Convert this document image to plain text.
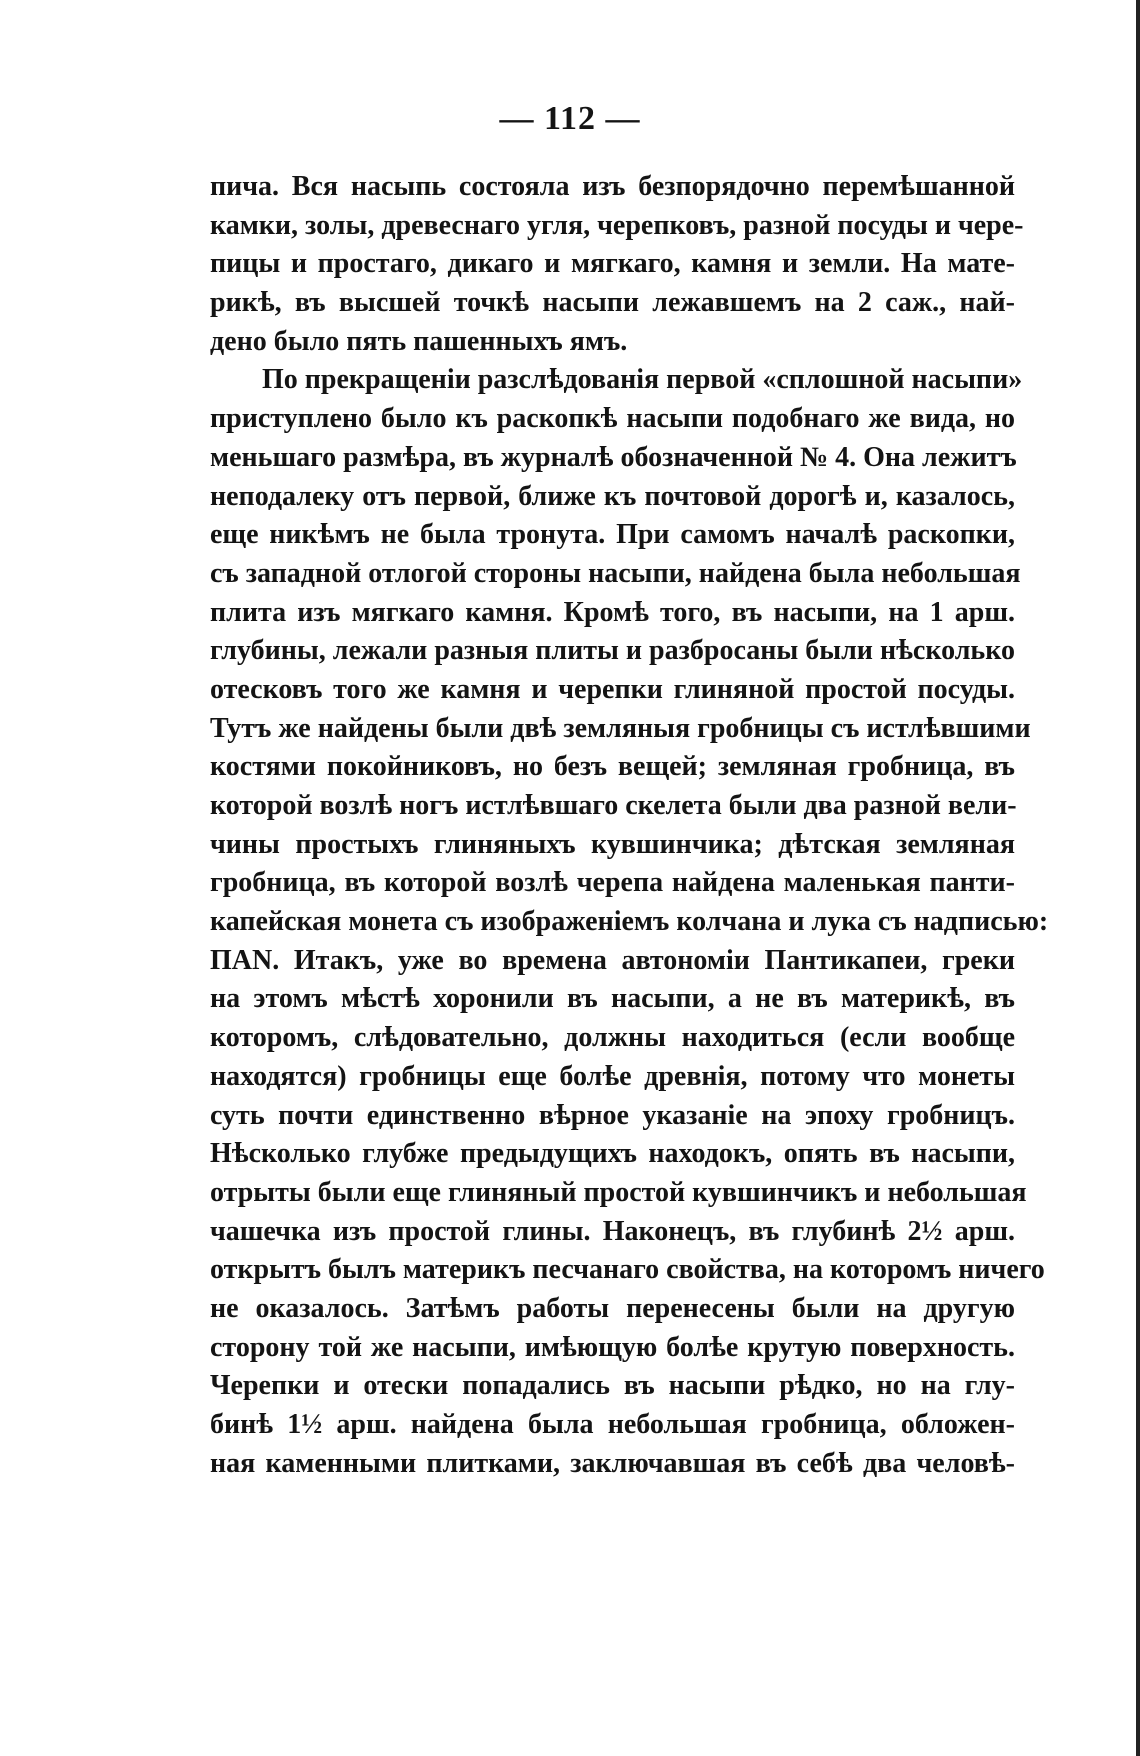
— 112 —
пича. Вся насыпь состояла изъ безпорядочно перемѣшанной
камки, золы, древеснаго угля, черепковъ, разной посуды и чере-
пицы и простаго, дикаго и мягкаго, камня и земли. На мате-
рикѣ, въ высшей точкѣ насыпи лежавшемъ на 2 саж., най-
дено было пять пашенныхъ ямъ.
По прекращеніи разслѣдованія первой «сплошной насыпи»
приступлено было къ раскопкѣ насыпи подобнаго же вида, но
меньшаго размѣра, въ журналѣ обозначенной № 4. Она лежитъ
неподалеку отъ первой, ближе къ почтовой дорогѣ и, казалось,
еще никѣмъ не была тронута. При самомъ началѣ раскопки,
съ западной отлогой стороны насыпи, найдена была небольшая
плита изъ мягкаго камня. Кромѣ того, въ насыпи, на 1 арш.
глубины, лежали разныя плиты и разбросаны были нѣсколько
отесковъ того же камня и черепки глиняной простой посуды.
Тутъ же найдены были двѣ земляныя гробницы съ истлѣвшими
костями покойниковъ, но безъ вещей; земляная гробница, въ
которой возлѣ ногъ истлѣвшаго скелета были два разной вели-
чины простыхъ глиняныхъ кувшинчика; дѣтская земляная
гробница, въ которой возлѣ черепа найдена маленькая панти-
капейская монета съ изображеніемъ колчана и лука съ надписью:
ПАN. Итакъ, уже во времена автономіи Пантикапеи, греки
на этомъ мѣстѣ хоронили въ насыпи, а не въ материкѣ, въ
которомъ, слѣдовательно, должны находиться (если вообще
находятся) гробницы еще болѣе древнія, потому что монеты
суть почти единственно вѣрное указаніе на эпоху гробницъ.
Нѣсколько глубже предыдущихъ находокъ, опять въ насыпи,
отрыты были еще глиняный простой кувшинчикъ и небольшая
чашечка изъ простой глины. Наконецъ, въ глубинѣ 2½ арш.
открытъ былъ материкъ песчанаго свойства, на которомъ ничего
не оказалось. Затѣмъ работы перенесены были на другую
сторону той же насыпи, имѣющую болѣе крутую поверхность.
Черепки и отески попадались въ насыпи рѣдко, но на глу-
бинѣ 1½ арш. найдена была небольшая гробница, обложен-
ная каменными плитками, заключавшая въ себѣ два человѣ-
